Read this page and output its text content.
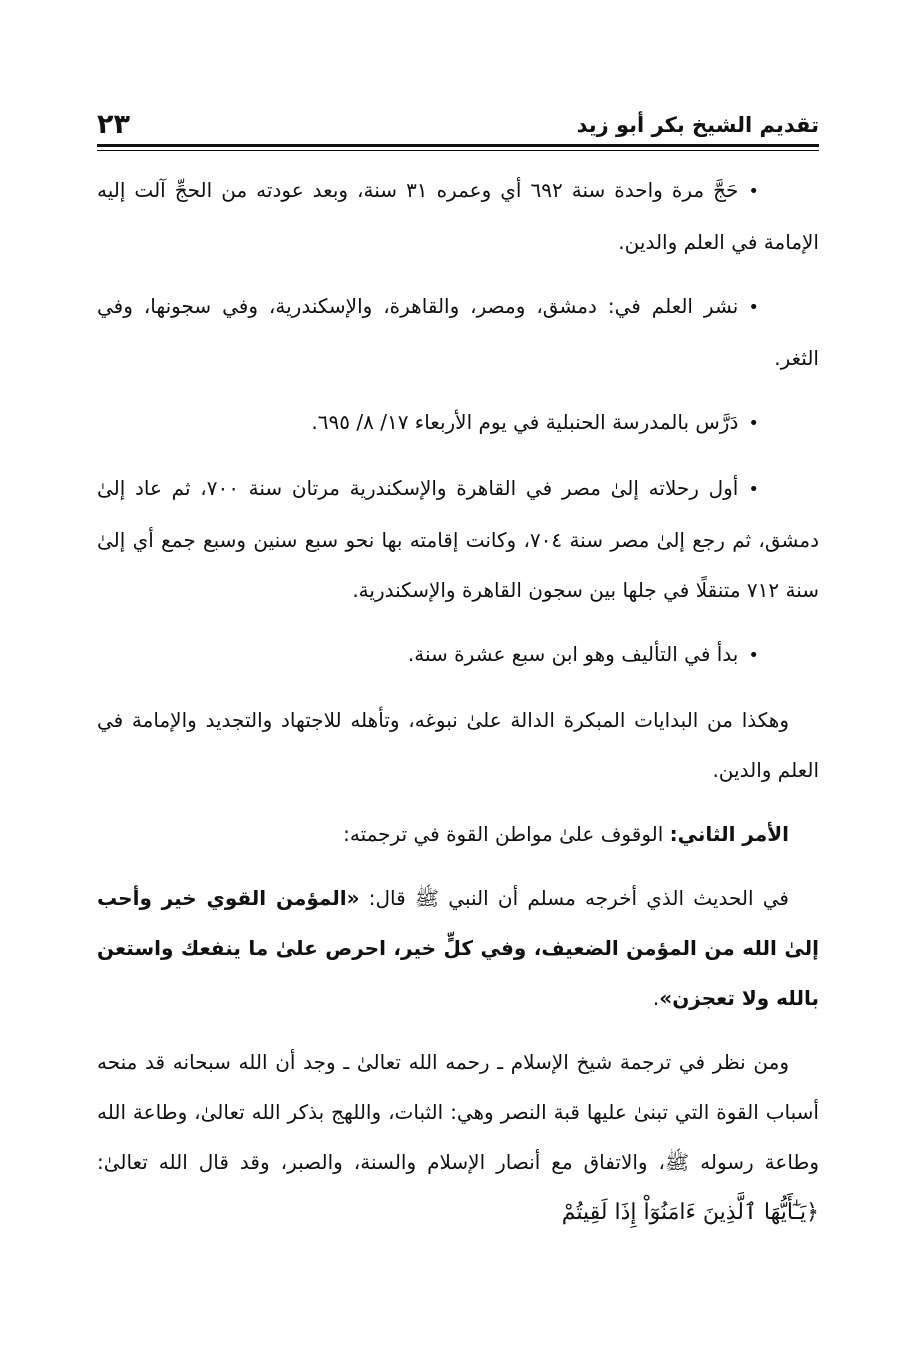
تقديم الشيخ بكر أبو زيد
٢٣

•حَجَّ مرة واحدة سنة ٦٩٢ أي وعمره ٣١ سنة، وبعد عودته من الحجِّ آلت إليه الإمامة في العلم والدين.

•نشر العلم في: دمشق، ومصر، والقاهرة، والإسكندرية، وفي سجونها، وفي الثغر.

•دَرَّس بالمدرسة الحنبلية في يوم الأربعاء ١٧/ ٨/ ٦٩٥.

•أول رحلاته إلىٰ مصر في القاهرة والإسكندرية مرتان سنة ٧٠٠، ثم عاد إلىٰ دمشق، ثم رجع إلىٰ مصر سنة ٧٠٤، وكانت إقامته بها نحو سبع سنين وسبع جمع أي إلىٰ سنة ٧١٢ متنقلًا في جلها بين سجون القاهرة والإسكندرية.

•بدأ في التأليف وهو ابن سبع عشرة سنة.

وهكذا من البدايات المبكرة الدالة علىٰ نبوغه، وتأهله للاجتهاد والتجديد والإمامة في العلم والدين.

الأمر الثاني: الوقوف علىٰ مواطن القوة في ترجمته:

في الحديث الذي أخرجه مسلم أن النبي ﷺ قال: «المؤمن القوي خير وأحب إلىٰ الله من المؤمن الضعيف، وفي كلٍّ خير، احرص علىٰ ما ينفعك واستعن بالله ولا تعجزن».

ومن نظر في ترجمة شيخ الإسلام ـ رحمه الله تعالىٰ ـ وجد أن الله سبحانه قد منحه أسباب القوة التي تبنىٰ عليها قبة النصر وهي: الثبات، واللهج بذكر الله تعالىٰ، وطاعة الله وطاعة رسوله ﷺ، والاتفاق مع أنصار الإسلام والسنة، والصبر، وقد قال الله تعالىٰ: ﴿يَـٰٓأَيُّهَا ٱلَّذِينَ ءَامَنُوٓاْ إِذَا لَقِيتُمْ
